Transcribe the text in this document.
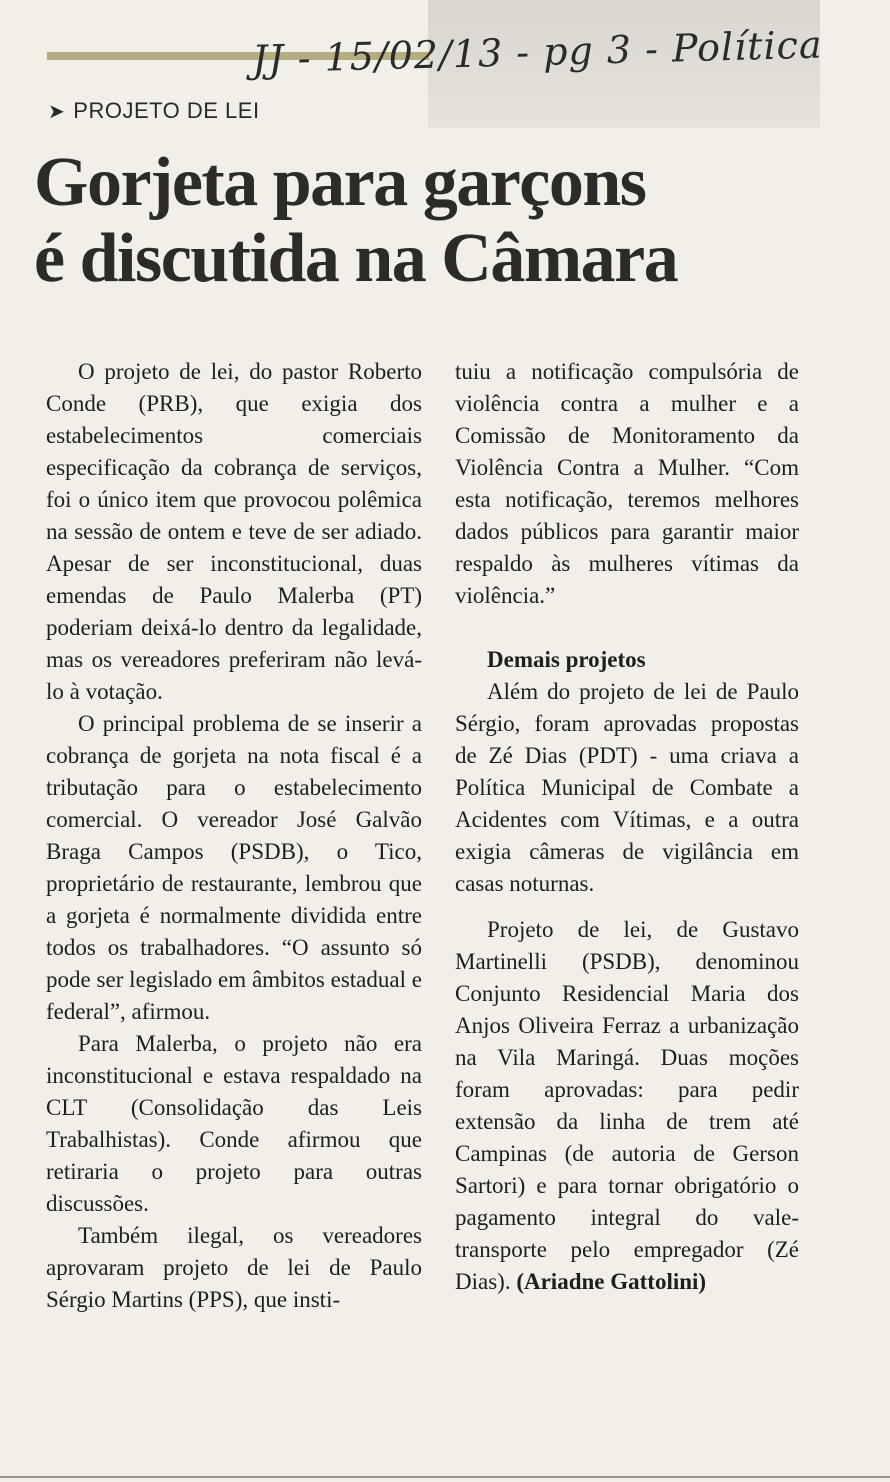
JJ - 15/02/13 - pg 3 - Política
➤ PROJETO DE LEI
Gorjeta para garçons
é discutida na Câmara

O projeto de lei, do pastor Roberto Conde (PRB), que exigia dos estabelecimentos comerciais especificação da cobrança de serviços, foi o único item que provocou polêmica na sessão de ontem e teve de ser adiado. Apesar de ser inconstitucional, duas emendas de Paulo Malerba (PT) poderiam deixá-lo dentro da legalidade, mas os vereadores preferiram não levá-lo à votação.

O principal problema de se inserir a cobrança de gorjeta na nota fiscal é a tributação para o estabelecimento comercial. O vereador José Galvão Braga Campos (PSDB), o Tico, proprietário de restaurante, lembrou que a gorjeta é normalmente dividida entre todos os trabalhadores. “O assunto só pode ser legislado em âmbitos estadual e federal”, afirmou.

Para Malerba, o projeto não era inconstitucional e estava respaldado na CLT (Consolidação das Leis Trabalhistas). Conde afirmou que retiraria o projeto para outras discussões.

Também ilegal, os vereadores aprovaram projeto de lei de Paulo Sérgio Martins (PPS), que insti-

tuiu a notificação compulsória de violência contra a mulher e a Comissão de Monitoramento da Violência Contra a Mulher. “Com esta notificação, teremos melhores dados públicos para garantir maior respaldo às mulheres vítimas da violência.”

Demais projetos

Além do projeto de lei de Paulo Sérgio, foram aprovadas propostas de Zé Dias (PDT) - uma criava a Política Municipal de Combate a Acidentes com Vítimas, e a outra exigia câmeras de vigilância em casas noturnas.

Projeto de lei, de Gustavo Martinelli (PSDB), denominou Conjunto Residencial Maria dos Anjos Oliveira Ferraz a urbanização na Vila Maringá. Duas moções foram aprovadas: para pedir extensão da linha de trem até Campinas (de autoria de Gerson Sartori) e para tornar obrigatório o pagamento integral do vale-transporte pelo empregador (Zé Dias). (Ariadne Gattolini)
